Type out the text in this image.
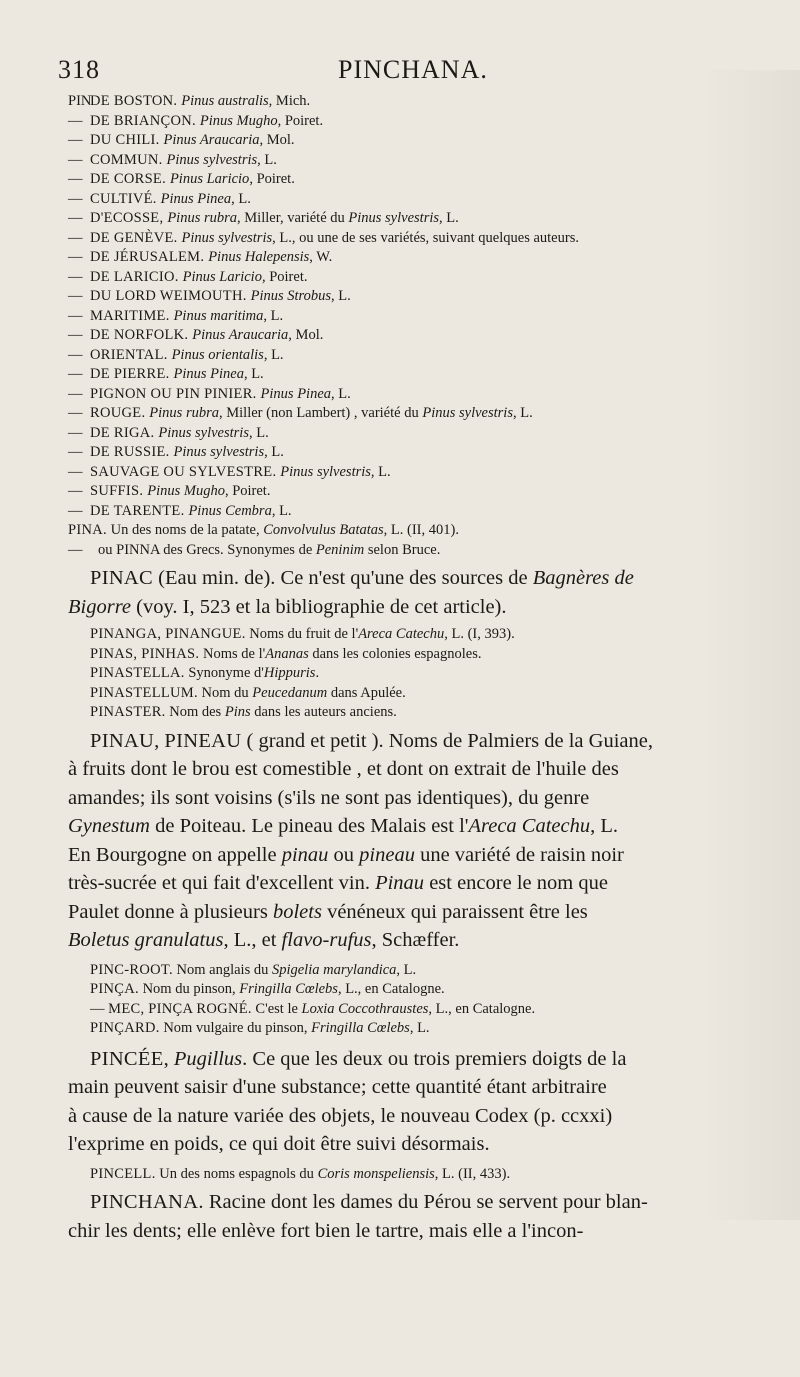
318	PINCHANA.
PINDE BOSTON. Pinus australis, Mich.
— DE BRIANÇON. Pinus Mugho, Poiret.
— DU CHILI. Pinus Araucaria, Mol.
— COMMUN. Pinus sylvestris, L.
— DE CORSE. Pinus Laricio, Poiret.
— CULTIVÉ. Pinus Pinea, L.
— D'ECOSSE, Pinus rubra, Miller, variété du Pinus sylvestris, L.
— DE GENÈVE. Pinus sylvestris, L., ou une de ses variétés, suivant quelques auteurs.
— DE JÉRUSALEM. Pinus Halepensis, W.
— DE LARICIO. Pinus Laricio, Poiret.
— DU LORD WEIMOUTH. Pinus Strobus, L.
— MARITIME. Pinus maritima, L.
— DE NORFOLK. Pinus Araucaria, Mol.
— ORIENTAL. Pinus orientalis, L.
— DE PIERRE. Pinus Pinea, L.
— PIGNON OU PIN PINIER. Pinus Pinea, L.
— ROUGE. Pinus rubra, Miller (non Lambert) , variété du Pinus sylvestris, L.
— DE RIGA. Pinus sylvestris, L.
— DE RUSSIE. Pinus sylvestris, L.
— SAUVAGE OU SYLVESTRE. Pinus sylvestris, L.
— SUFFIS. Pinus Mugho, Poiret.
— DE TARENTE. Pinus Cembra, L.
PINA. Un des noms de la patate, Convolvulus Batatas, L. (II, 401).
— ou PINNA des Grecs. Synonymes de Peninim selon Bruce.
PINAC (Eau min. de). Ce n'est qu'une des sources de Bagnères de
Bigorre (voy. I, 523 et la bibliographie de cet article).
PINANGA, PINANGUE. Noms du fruit de l'Areca Catechu, L. (I, 393).
PINAS, PINHAS. Noms de l'Ananas dans les colonies espagnoles.
PINASTELLA. Synonyme d'Hippuris.
PINASTELLUM. Nom du Peucedanum dans Apulée.
PINASTER. Nom des Pins dans les auteurs anciens.
PINAU, PINEAU ( grand et petit ). Noms de Palmiers de la Guiane,
à fruits dont le brou est comestible , et dont on extrait de l'huile des
amandes; ils sont voisins (s'ils ne sont pas identiques), du genre
Gynestum de Poiteau. Le pineau des Malais est l'Areca Catechu, L.
En Bourgogne on appelle pinau ou pineau une variété de raisin noir
très-sucrée et qui fait d'excellent vin. Pinau est encore le nom que
Paulet donne à plusieurs bolets vénéneux qui paraissent être les
Boletus granulatus, L., et flavo-rufus, Schæffer.
PINC-ROOT. Nom anglais du Spigelia marylandica, L.
PINÇA. Nom du pinson, Fringilla Cœlebs, L., en Catalogne.
— MEC, PINÇA ROGNÉ. C'est le Loxia Coccothraustes, L., en Catalogne.
PINÇARD. Nom vulgaire du pinson, Fringilla Cœlebs, L.
PINCÉE, Pugillus. Ce que les deux ou trois premiers doigts de la
main peuvent saisir d'une substance; cette quantité étant arbitraire
à cause de la nature variée des objets, le nouveau Codex (p. ccxxi)
l'exprime en poids, ce qui doit être suivi désormais.
PINCELL. Un des noms espagnols du Coris monspeliensis, L. (II, 433).
PINCHANA. Racine dont les dames du Pérou se servent pour blan-
chir les dents; elle enlève fort bien le tartre, mais elle a l'incon-
